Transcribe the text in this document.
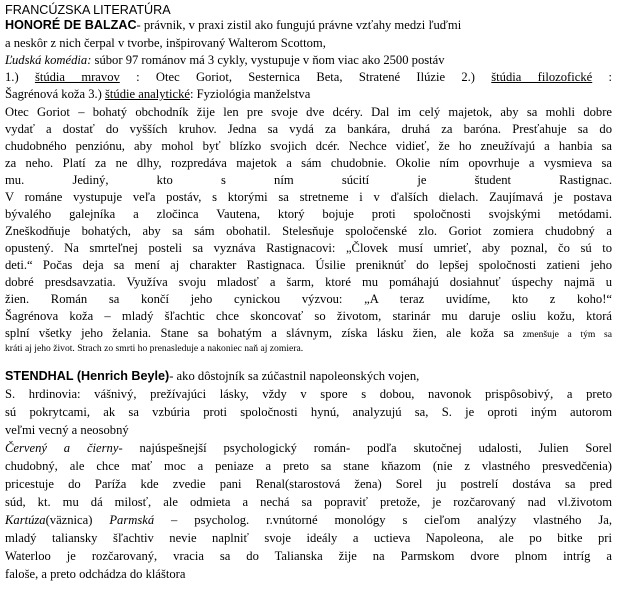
FRANCÚZSKA LITERATÚRA
HONORÉ DE BALZAC- právnik, v praxi zistil ako fungujú právne vzťahy medzi ľuďmi
a neskôr z nich čerpal v tvorbe, inšpirovaný Walterom Scottom,
Ľudská komédia: súbor 97 románov má 3 cykly, vystupuje v ňom viac ako 2500 postáv
1.) štúdia mravov : Otec Goriot, Sesternica Beta, Stratené Ilúzie 2.) štúdia filozofické :
Šagrénová koža 3.) štúdie analytické: Fyziológia manželstva
Otec Goriot – bohatý obchodník žije len pre svoje dve dcéry. Dal im celý majetok, aby sa mohli dobre
vydať a dostať do vyšších kruhov. Jedna sa vydá za bankára, druhá za baróna. Presťahuje sa do
chudobného penziónu, aby mohol byť blízko svojich dcér. Nechce vidieť, že ho zneužívajú a hanbia sa
za neho. Platí za ne dlhy, rozpredáva majetok a sám chudobnie. Okolie ním opovrhuje a vysmieva sa
mu. Jediný, kto s ním súcití je študent Rastignac.
V románe vystupuje veľa postáv, s ktorými sa stretneme i v ďalších dielach. Zaujímavá je postava
bývalého galejníka a zločinca Vautena, ktorý bojuje proti spoločnosti svojskými metódami.
Zneškodňuje bohatých, aby sa sám obohatil. Stelesňuje spoločenské zlo. Goriot zomiera chudobný a
opustený. Na smrteľnej posteli sa vyznáva Rastignacovi: „Človek musí umrieť, aby poznal, čo sú to
deti.“ Počas deja sa mení aj charakter Rastignaca. Úsilie preniknúť do lepšej spoločnosti zatieni jeho
dobré presdsavzatia. Využíva svoju mladosť a šarm, ktoré mu pomáhajú dosiahnuť úspechy najmä u
žien. Román sa končí jeho cynickou výzvou: „A teraz uvidíme, kto z koho!“
Šagrénova koža – mladý šľachtic chce skoncovať so životom, starinár mu daruje osliu kožu, ktorá
splní všetky jeho želania. Stane sa bohatým a slávnym, získa lásku žien, ale koža sa zmenšuje a tým sa
kráti aj jeho život. Strach zo smrti ho prenasleduje a nakoniec naň aj zomiera.
STENDHAL (Henrich Beyle)- ako dôstojník sa zúčastnil napoleonských vojen,
S. hrdinovia: vášnivý, prežívajúci lásky, vždy v spore s dobou, navonok prispôsobivý, a preto
sú pokrytcami, ak sa vzbúria proti spoločnosti hynú, analyzujú sa, S. je oproti iným autorom
veľmi vecný a neosobný
Červený a čierny- najúspešnejší psychologický román- podľa skutočnej udalosti, Julien Sorel
chudobný, ale chce mať moc a peniaze a preto sa stane kňazom (nie z vlastného presvedčenia)
pricestuje do Paríža kde zvedie pani Renal(starostová žena) Sorel ju postrelí dostáva sa pred
súd, kt. mu dá milosť, ale odmieta a nechá sa popraviť pretože, je rozčarovaný nad vl.životom
Kartúza(väznica) Parmská – psycholog. r.vnútorné monológy s cieľom analýzy vlastného Ja,
mladý taliansky šľachtiv nevie naplniť svoje ideály a uctieva Napoleona, ale po bitke pri
Waterloo je rozčarovaný, vracia sa do Talianska žije na Parmskom dvore plnom intríg a
faloše, a preto odchádza do kláštora
